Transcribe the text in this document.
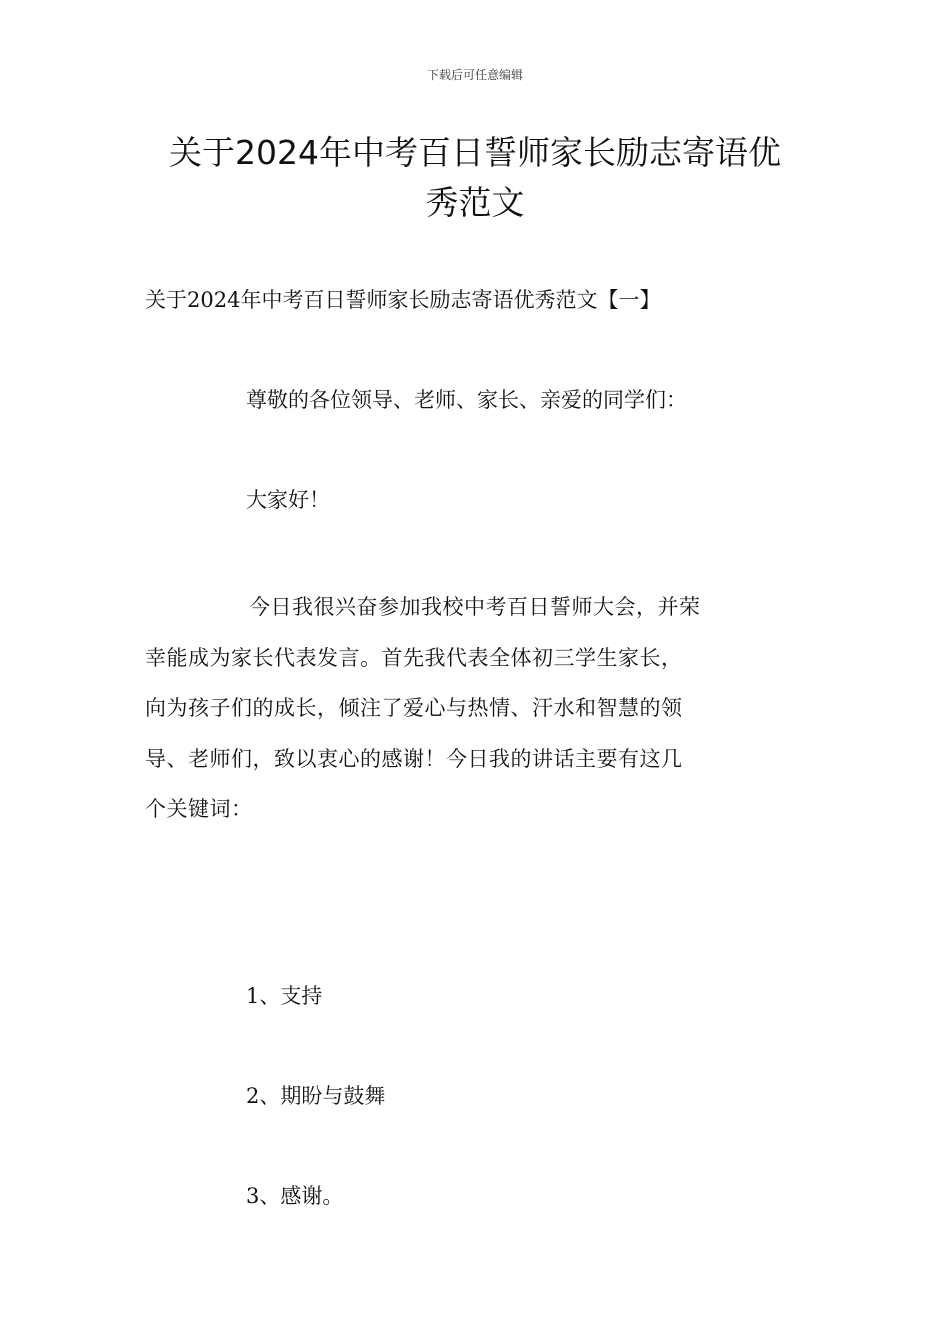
下载后可任意编辑
关于2024年中考百日誓师家长励志寄语优
秀范文
关于2024年中考百日誓师家长励志寄语优秀范文【一】
尊敬的各位领导、老师、家长、亲爱的同学们：
大家好！
今日我很兴奋参加我校中考百日誓师大会，并荣
幸能成为家长代表发言。首先我代表全体初三学生家长，
向为孩子们的成长，倾注了爱心与热情、汗水和智慧的领
导、老师们，致以衷心的感谢！今日我的讲话主要有这几
个关键词：
1、支持
2、期盼与鼓舞
3、感谢。
